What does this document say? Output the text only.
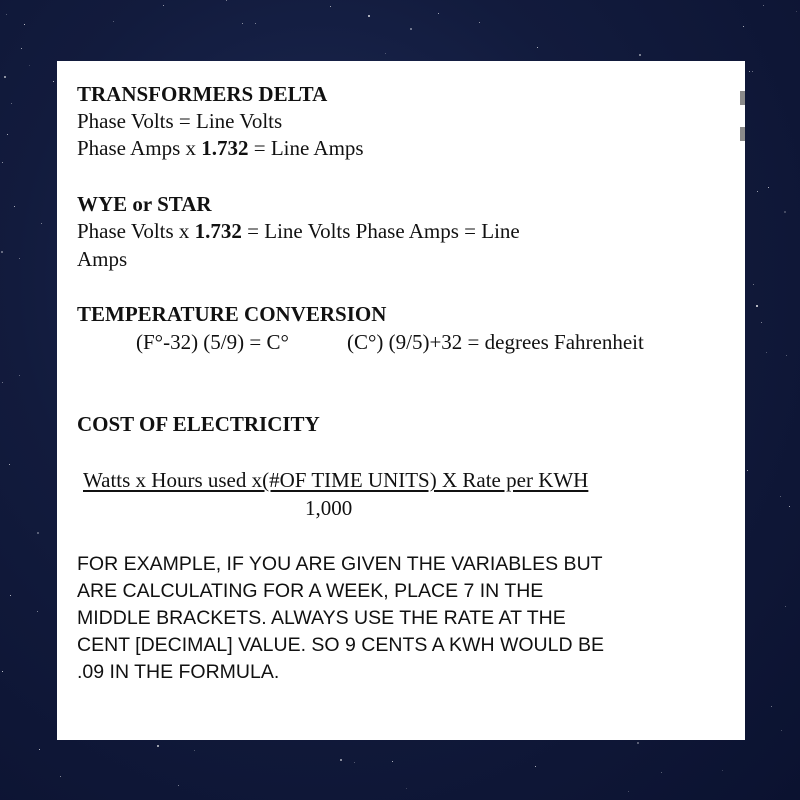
TRANSFORMERS DELTA
Phase Volts = Line Volts
Phase Amps x 1.732 = Line Amps
WYE or STAR
Phase Volts x 1.732 = Line Volts Phase Amps = Line
Amps
TEMPERATURE CONVERSION
(F°-32) (5/9) = C°	(C°) (9/5)+32 = degrees Fahrenheit
COST OF ELECTRICITY
Watts x Hours used x(#OF TIME UNITS) X Rate per KWH
1,000
FOR EXAMPLE, IF YOU ARE GIVEN THE VARIABLES BUT
ARE CALCULATING FOR A WEEK, PLACE 7 IN THE
MIDDLE BRACKETS. ALWAYS USE THE RATE AT THE
CENT [DECIMAL] VALUE. SO 9 CENTS A KWH WOULD BE
.09 IN THE FORMULA.
